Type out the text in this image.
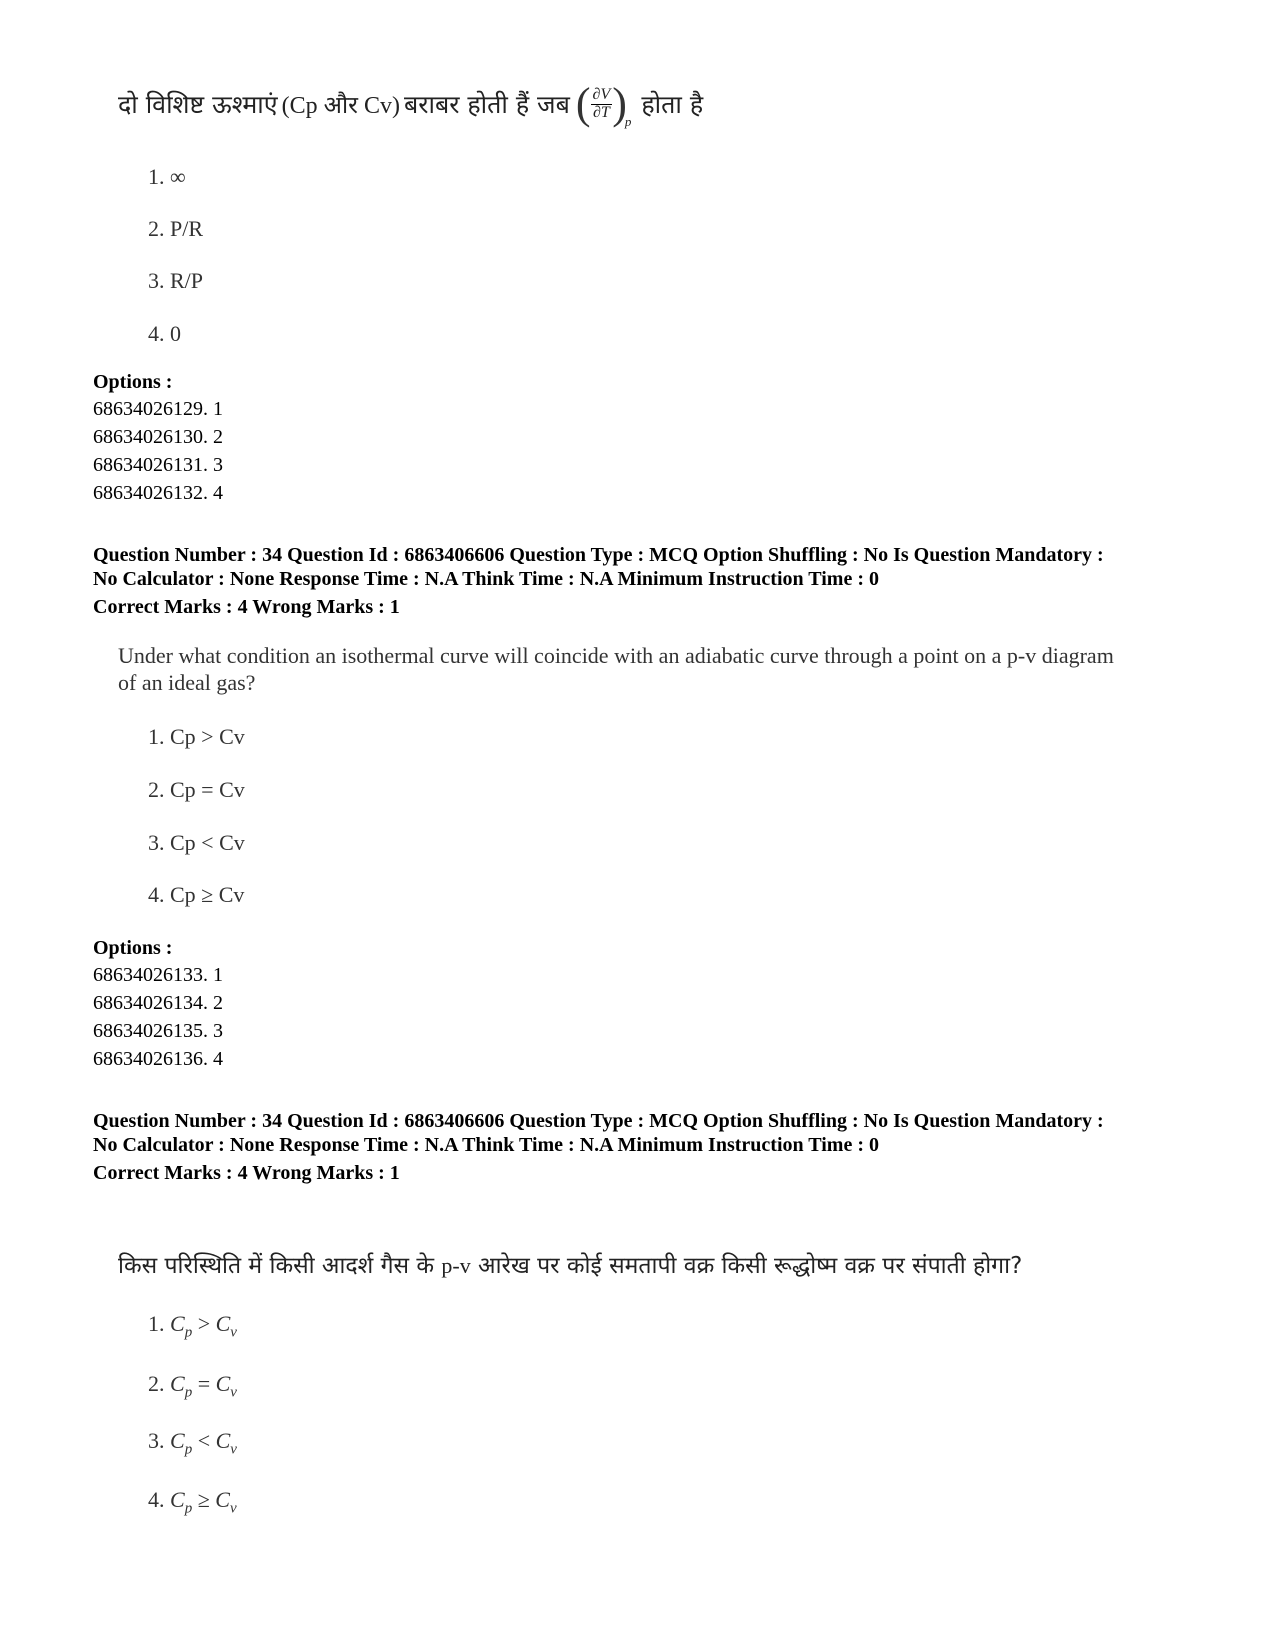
दो विशिष्ट ऊश्माएं (Cp और Cv) बराबर होती हैं जब ( $\frac{\partial V}{\partial T}$ )
p
होता है
1. ∞
2. P/R
3. R/P
4. 0
Options :
68634026129. 1
68634026130. 2
68634026131. 3
68634026132. 4
Question Number : 34 Question Id : 6863406606 Question Type : MCQ Option Shuffling : No Is Question Mandatory :
No Calculator : None Response Time : N.A Think Time : N.A Minimum Instruction Time : 0
Correct Marks : 4 Wrong Marks : 1
Under what condition an isothermal curve will coincide with an adiabatic curve through a point on a p-v diagram of an ideal gas?
1. Cp > Cv
2. Cp = Cv
3. Cp < Cv
4. Cp ≥ Cv
Options :
68634026133. 1
68634026134. 2
68634026135. 3
68634026136. 4
Question Number : 34 Question Id : 6863406606 Question Type : MCQ Option Shuffling : No Is Question Mandatory :
No Calculator : None Response Time : N.A Think Time : N.A Minimum Instruction Time : 0
Correct Marks : 4 Wrong Marks : 1
किस परिस्थिति में किसी आदर्श गैस के p-v आरेख पर कोई समतापी वक्र किसी रूद्धोष्म वक्र पर संपाती होगा?
1. $C_p > C_v$
2. $C_p = C_v$
3. $C_p < C_v$
4. $C_p \ge C_v$
